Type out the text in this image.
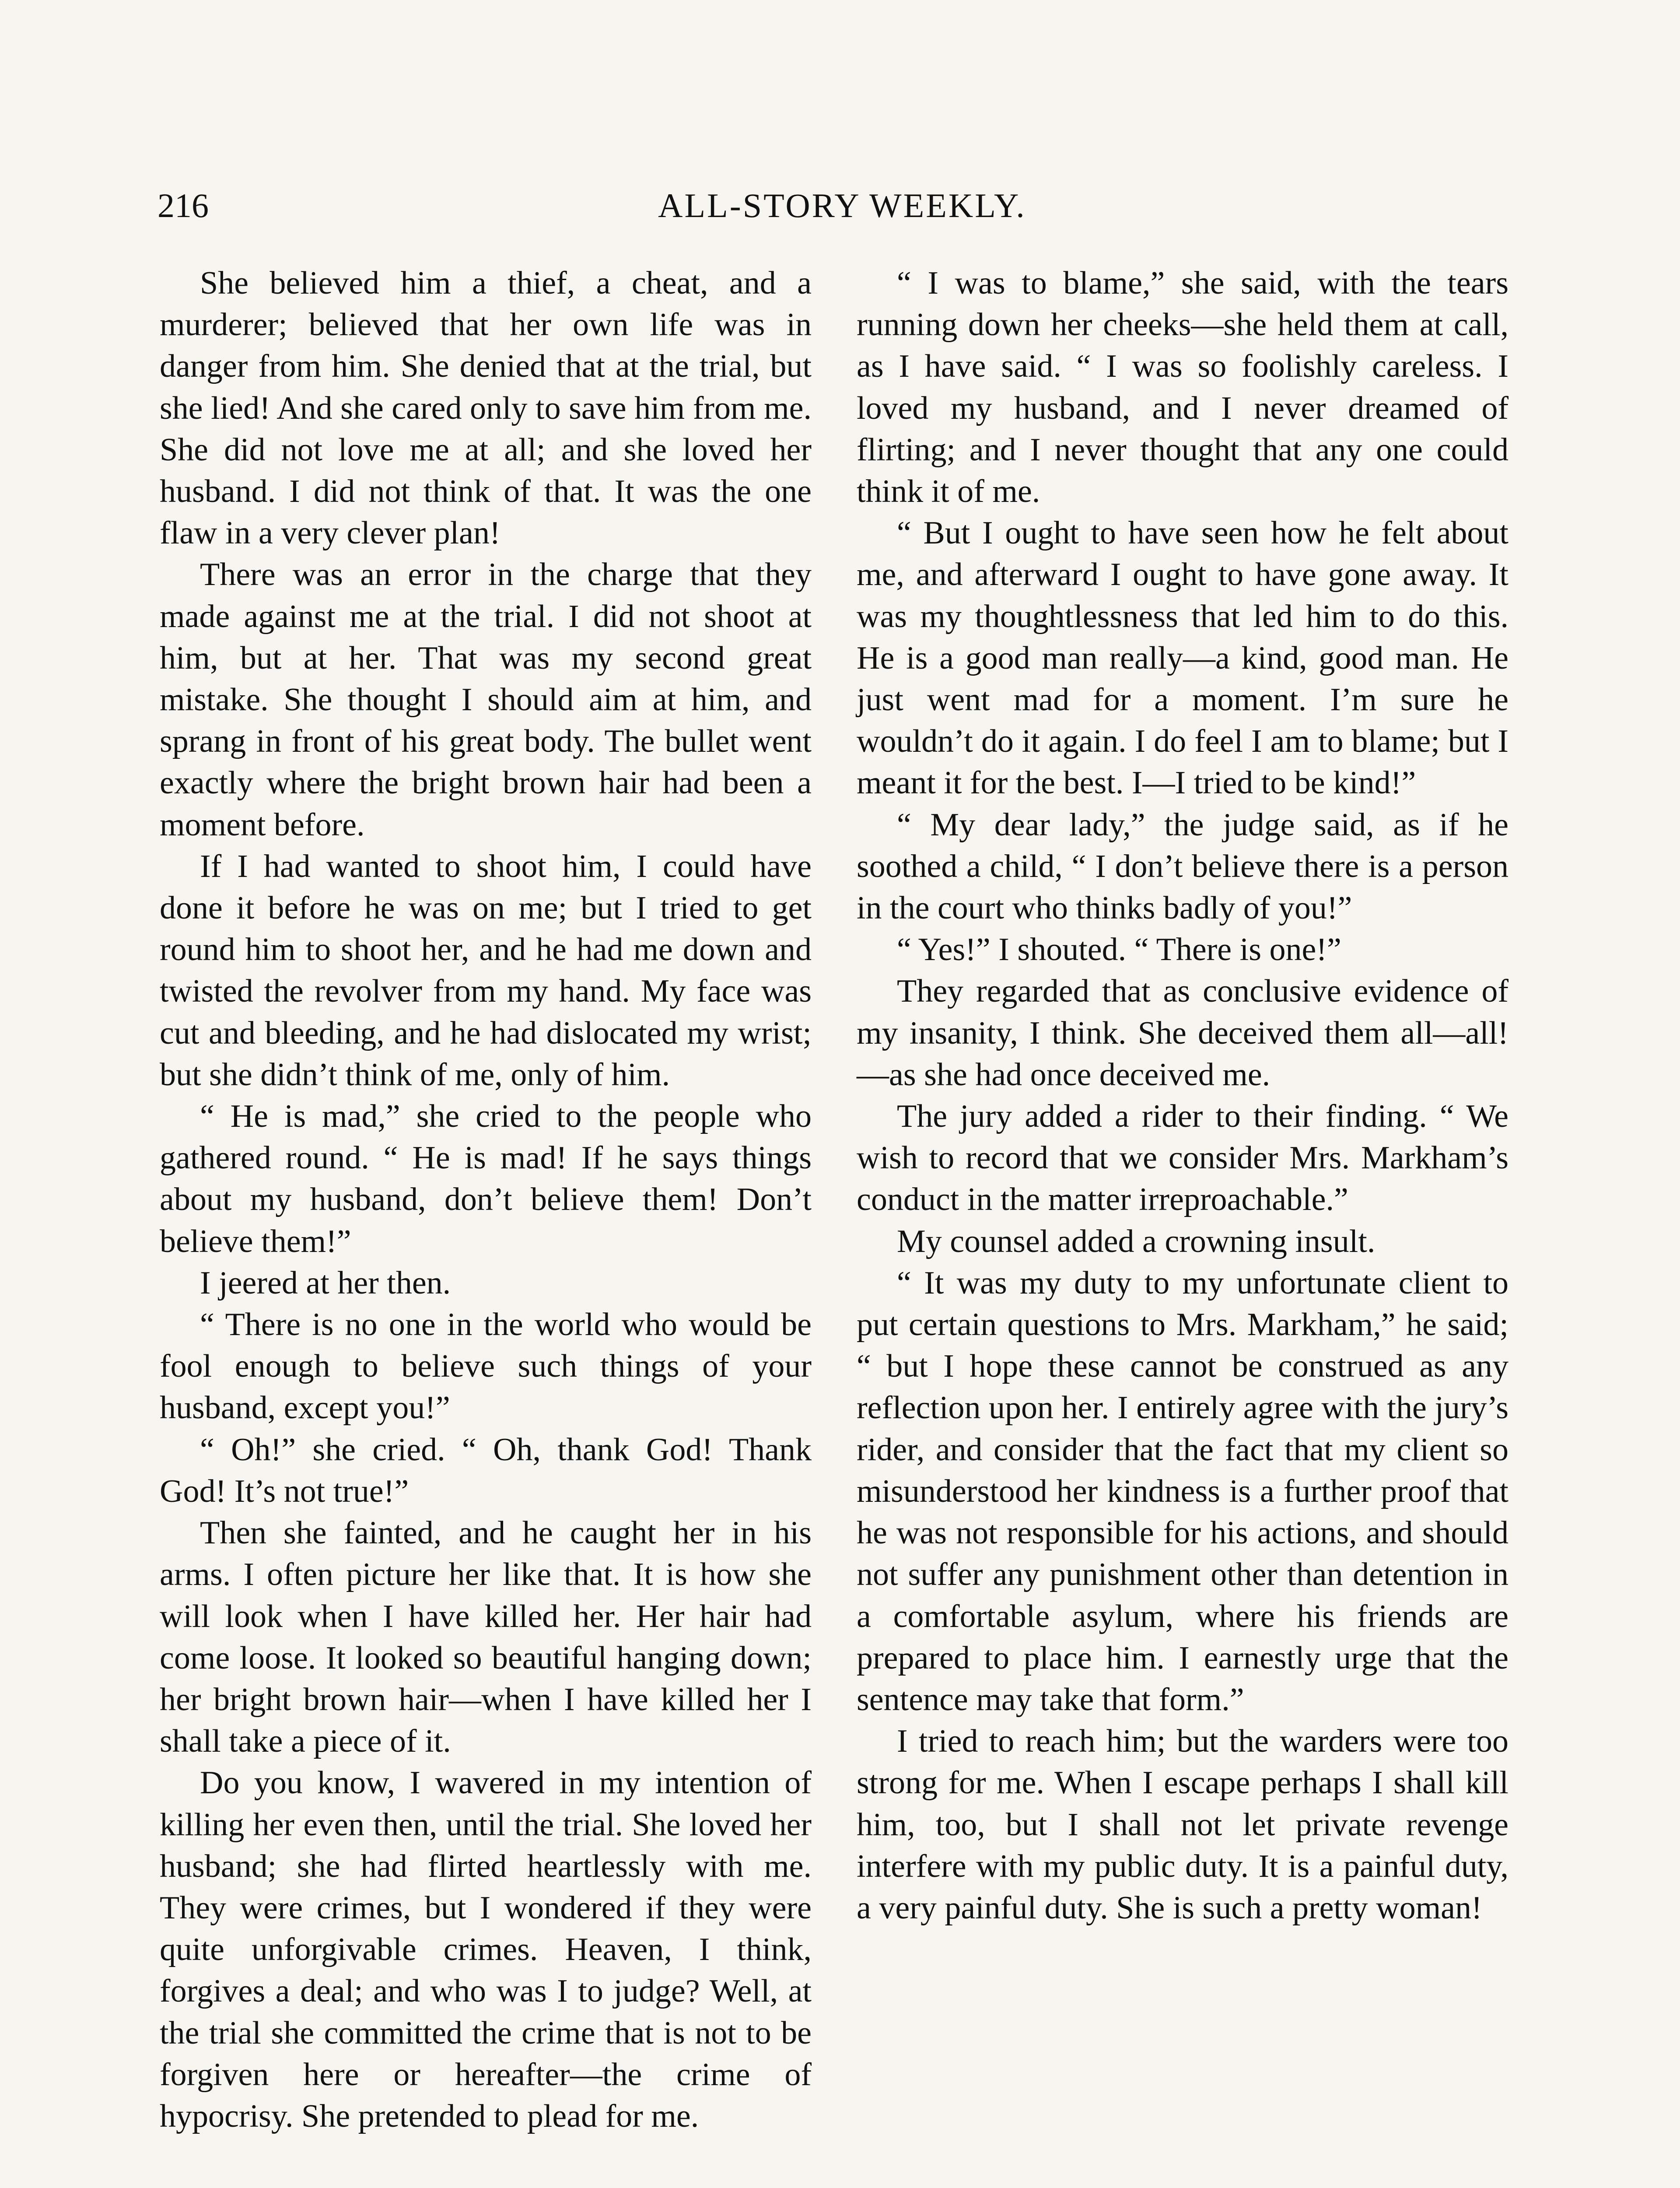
216	ALL-STORY WEEKLY.

She believed him a thief, a cheat, and a murderer; believed that her own life was in danger from him. She denied that at the trial, but she lied! And she cared only to save him from me. She did not love me at all; and she loved her husband. I did not think of that. It was the one flaw in a very clever plan!

There was an error in the charge that they made against me at the trial. I did not shoot at him, but at her. That was my second great mistake. She thought I should aim at him, and sprang in front of his great body. The bullet went exactly where the bright brown hair had been a moment before.

If I had wanted to shoot him, I could have done it before he was on me; but I tried to get round him to shoot her, and he had me down and twisted the revolver from my hand. My face was cut and bleeding, and he had dislocated my wrist; but she didn’t think of me, only of him.

“ He is mad,” she cried to the people who gathered round. “ He is mad! If he says things about my husband, don’t believe them! Don’t believe them!”

I jeered at her then.

“ There is no one in the world who would be fool enough to believe such things of your husband, except you!”

“ Oh!” she cried. “ Oh, thank God! Thank God! It’s not true!”

Then she fainted, and he caught her in his arms. I often picture her like that. It is how she will look when I have killed her. Her hair had come loose. It looked so beautiful hanging down; her bright brown hair—when I have killed her I shall take a piece of it.

Do you know, I wavered in my intention of killing her even then, until the trial. She loved her husband; she had flirted heartlessly with me. They were crimes, but I wondered if they were quite unforgivable crimes. Heaven, I think, forgives a deal; and who was I to judge? Well, at the trial she committed the crime that is not to be forgiven here or hereafter—the crime of hypocrisy. She pretended to plead for me.

“ I was to blame,” she said, with the tears running down her cheeks—she held them at call, as I have said. “ I was so foolishly careless. I loved my husband, and I never dreamed of flirting; and I never thought that any one could think it of me.

“ But I ought to have seen how he felt about me, and afterward I ought to have gone away. It was my thoughtlessness that led him to do this. He is a good man really—a kind, good man. He just went mad for a moment. I’m sure he wouldn’t do it again. I do feel I am to blame; but I meant it for the best. I—I tried to be kind!”

“ My dear lady,” the judge said, as if he soothed a child, “ I don’t believe there is a person in the court who thinks badly of you!”

“ Yes!” I shouted. “ There is one!”

They regarded that as conclusive evidence of my insanity, I think. She deceived them all—all!—as she had once deceived me.

The jury added a rider to their finding. “ We wish to record that we consider Mrs. Markham’s conduct in the matter irreproachable.”

My counsel added a crowning insult.

“ It was my duty to my unfortunate client to put certain questions to Mrs. Markham,” he said; “ but I hope these cannot be construed as any reflection upon her. I entirely agree with the jury’s rider, and consider that the fact that my client so misunderstood her kindness is a further proof that he was not responsible for his actions, and should not suffer any punishment other than detention in a comfortable asylum, where his friends are prepared to place him. I earnestly urge that the sentence may take that form.”

I tried to reach him; but the warders were too strong for me. When I escape perhaps I shall kill him, too, but I shall not let private revenge interfere with my public duty. It is a painful duty, a very painful duty. She is such a pretty woman!
